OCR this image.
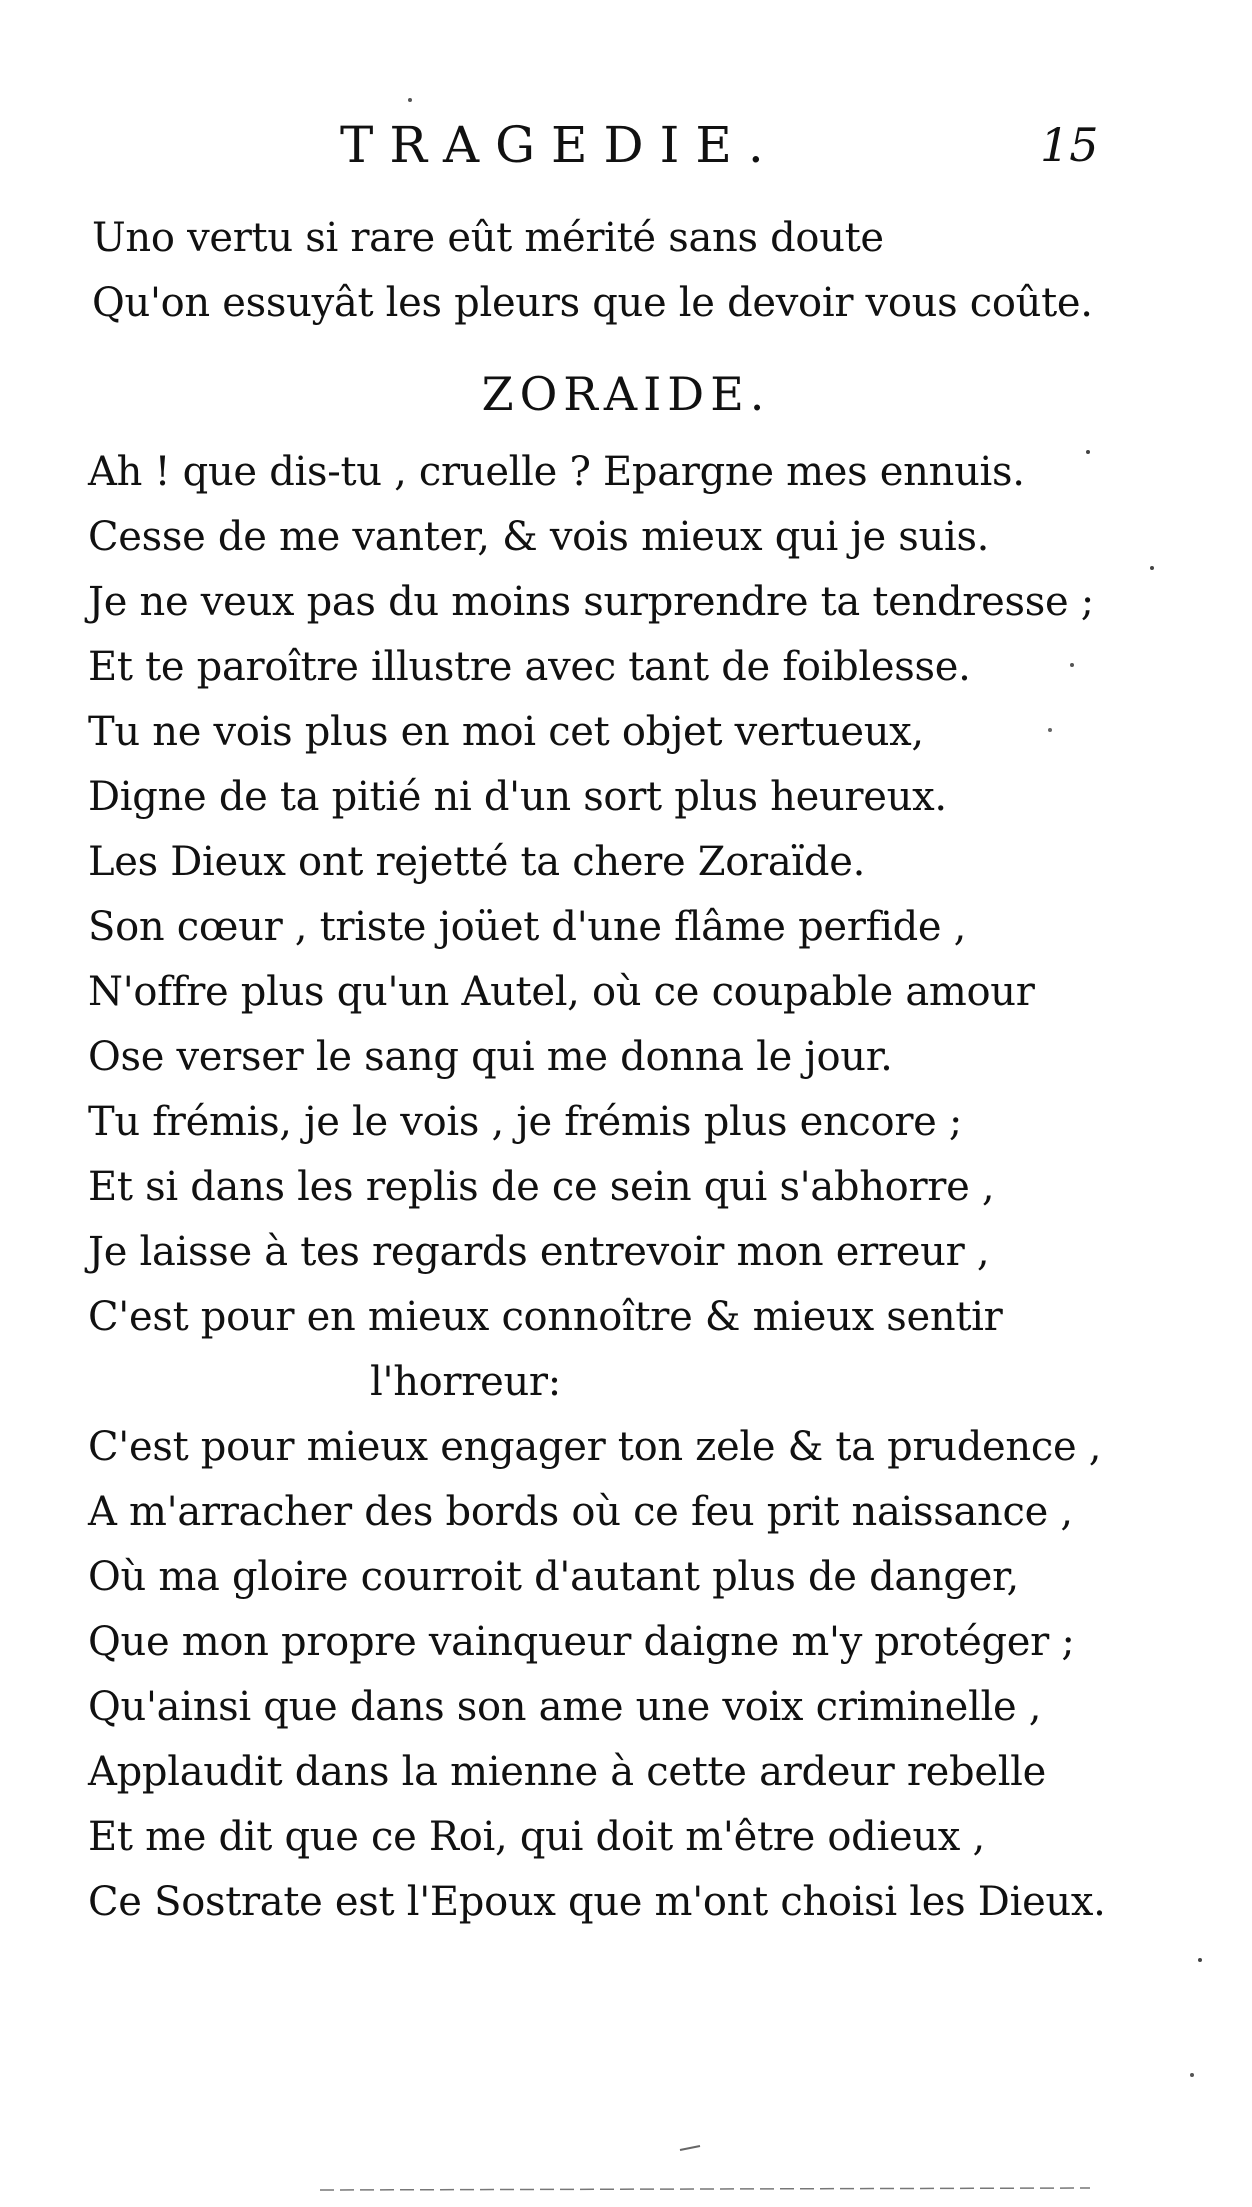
TRAGEDIE.	15
Uno vertu si rare eût mérité sans doute
Qu'on essuyât les pleurs que le devoir vous coûte.
ZORAIDE.
Ah ! que dis-tu , cruelle ? Epargne mes ennuis.
Cesse de me vanter, & vois mieux qui je suis.
Je ne veux pas du moins surprendre ta tendresse ;
Et te paroître illustre avec tant de foiblesse.
Tu ne vois plus en moi cet objet vertueux,
Digne de ta pitié ni d'un sort plus heureux.
Les Dieux ont rejetté ta chere Zoraïde.
Son cœur , triste joüet d'une flâme perfide ,
N'offre plus qu'un Autel, où ce coupable amour
Ose verser le sang qui me donna le jour.
Tu frémis, je le vois , je frémis plus encore ;
Et si dans les replis de ce sein qui s'abhorre ,
Je laisse à tes regards entrevoir mon erreur ,
C'est pour en mieux connoître & mieux sentir
l'horreur:
C'est pour mieux engager ton zele & ta prudence ,
A m'arracher des bords où ce feu prit naissance ,
Où ma gloire courroit d'autant plus de danger,
Que mon propre vainqueur daigne m'y protéger ;
Qu'ainsi que dans son ame une voix criminelle ,
Applaudit dans la mienne à cette ardeur rebelle
Et me dit que ce Roi, qui doit m'être odieux ,
Ce Sostrate est l'Epoux que m'ont choisi les Dieux.
